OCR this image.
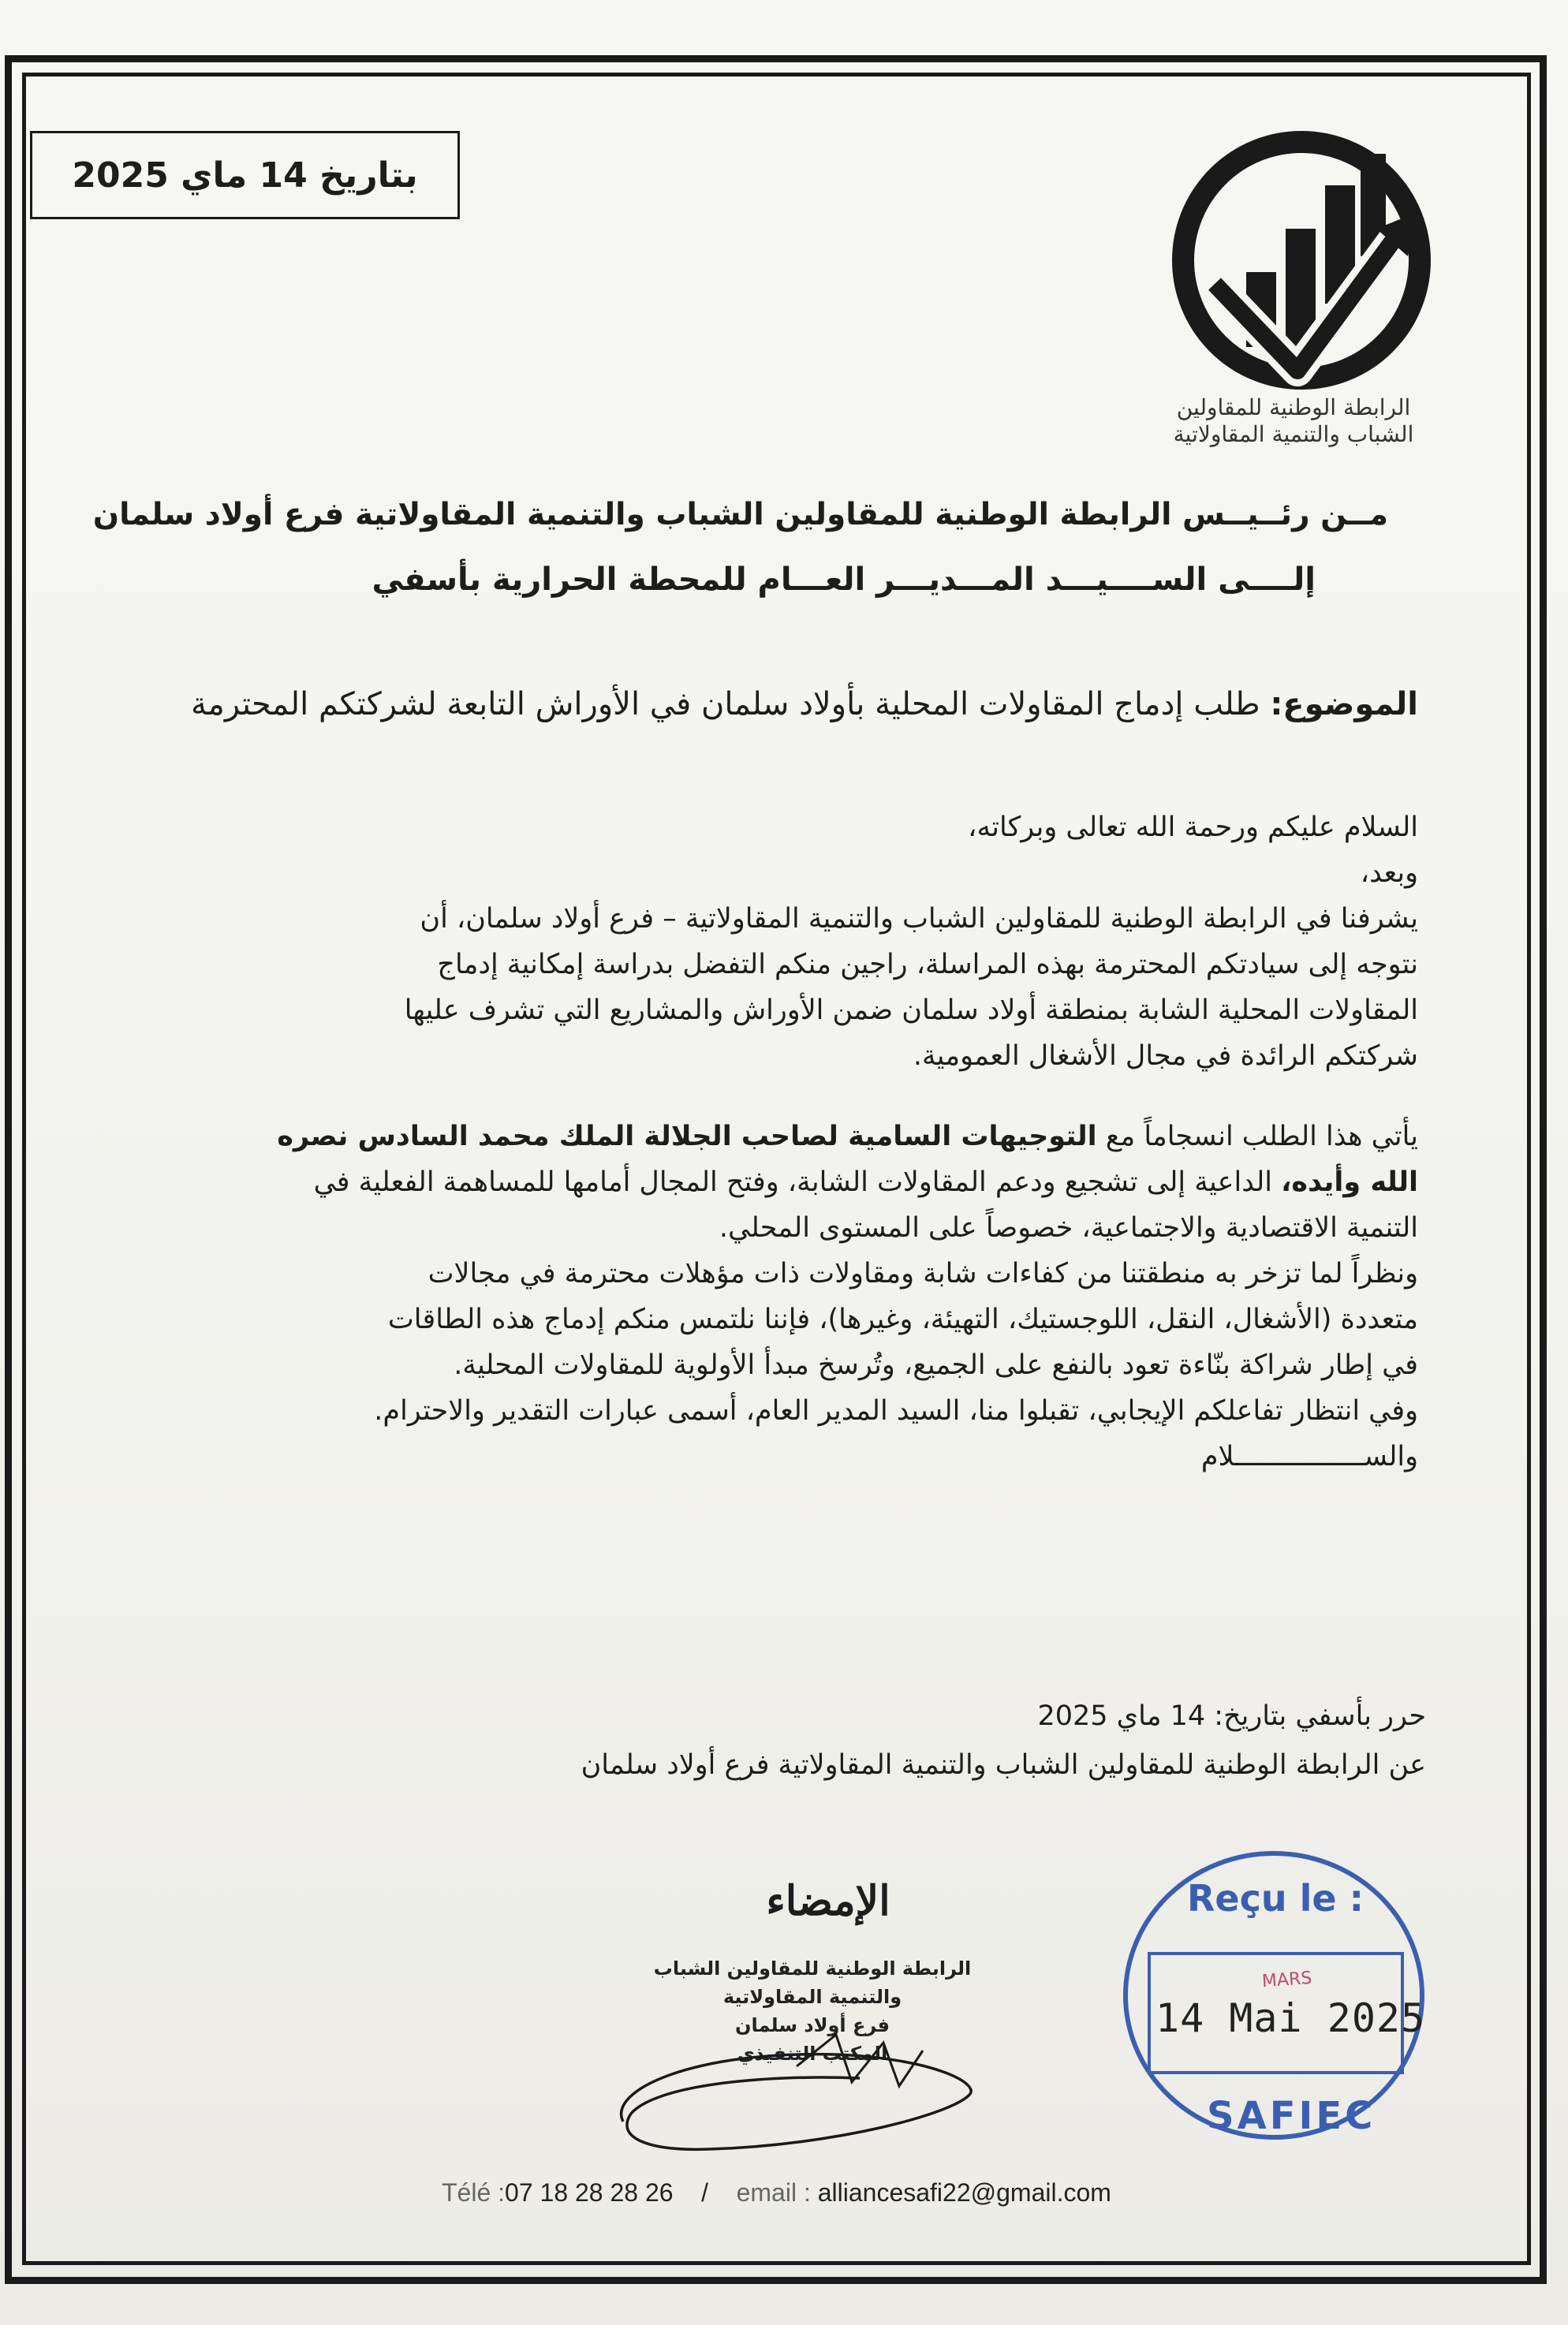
بتاريخ 14 ماي 2025
الرابطة الوطنية للمقاولين
الشباب والتنمية المقاولاتية
مــن رئــيــس الرابطة الوطنية للمقاولين الشباب والتنمية المقاولاتية فرع أولاد سلمان
إلــــى الســــيـــد المـــديـــر العـــام للمحطة الحرارية بأسفي
الموضوع: طلب إدماج المقاولات المحلية بأولاد سلمان في الأوراش التابعة لشركتكم المحترمة

السلام عليكم ورحمة الله تعالى وبركاته،

وبعد،

يشرفنا في الرابطة الوطنية للمقاولين الشباب والتنمية المقاولاتية – فرع أولاد سلمان، أن

نتوجه إلى سيادتكم المحترمة بهذه المراسلة، راجين منكم التفضل بدراسة إمكانية إدماج

المقاولات المحلية الشابة بمنطقة أولاد سلمان ضمن الأوراش والمشاريع التي تشرف عليها

شركتكم الرائدة في مجال الأشغال العمومية.

يأتي هذا الطلب انسجاماً مع التوجيهات السامية لصاحب الجلالة الملك محمد السادس نصره

الله وأيده، الداعية إلى تشجيع ودعم المقاولات الشابة، وفتح المجال أمامها للمساهمة الفعلية في

التنمية الاقتصادية والاجتماعية، خصوصاً على المستوى المحلي.

ونظراً لما تزخر به منطقتنا من كفاءات شابة ومقاولات ذات مؤهلات محترمة في مجالات

متعددة (الأشغال، النقل، اللوجستيك، التهيئة، وغيرها)، فإننا نلتمس منكم إدماج هذه الطاقات

في إطار شراكة بنّاءة تعود بالنفع على الجميع، وتُرسخ مبدأ الأولوية للمقاولات المحلية.

وفي انتظار تفاعلكم الإيجابي، تقبلوا منا، السيد المدير العام، أسمى عبارات التقدير والاحترام.

والســــــــــــــــلام

حرر بأسفي بتاريخ: 14 ماي 2025
عن الرابطة الوطنية للمقاولين الشباب والتنمية المقاولاتية فرع أولاد سلمان
الإمضاء
الرابطة الوطنية للمقاولين الشباب
والتنمية المقاولاتية
فرع أولاد سلمان
المكتب التنفيذي
Reçu le :
MARS
14 Mai 2025
SAFIEC
Télé :07 18 28 28 26 / email : alliancesafi22@gmail.com
